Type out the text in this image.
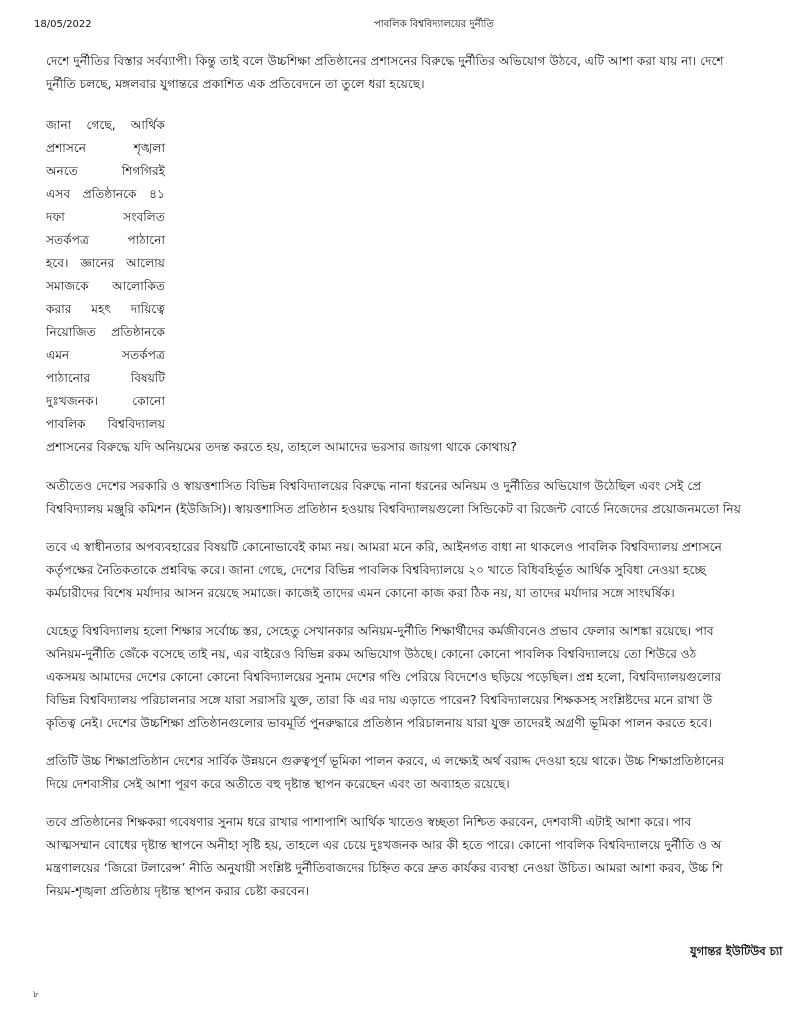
18/05/2022	পাবলিক বিশ্ববিদ্যালয়ের দুর্নীতি

দেশে দুর্নীতির বিস্তার সর্বব্যাপী। কিন্তু তাই বলে উচ্চশিক্ষা প্রতিষ্ঠানের প্রশাসনের বিরুদ্ধে দুর্নীতির অভিযোগ উঠবে, এটি আশা করা যায় না। দেশে
দুর্নীতি চলছে, মঙ্গলবার যুগান্তরে প্রকাশিত এক প্রতিবেদনে তা তুলে ধরা হয়েছে।

জানা গেছে, আর্থিক
প্রশাসনে	শৃঙ্খলা
অনতে	শিগগিরই
এসব প্রতিষ্ঠানকে ৪১
দফা	সংবলিত
সতর্কপত্র	পাঠানো
হবে। জ্ঞানের আলোয়
সমাজকে আলোকিত
করার মহৎ দায়িত্বে
নিয়োজিত প্রতিষ্ঠানকে
এমন	সতর্কপত্র
পাঠানোর	বিষয়টি
দুঃখজনক।	কোনো
পাবলিক বিশ্ববিদ্যালয়

প্রশাসনের বিরুদ্ধে যদি অনিয়মের তদন্ত করতে হয়, তাহলে আমাদের ভরসার জায়গা থাকে কোথায়?

অতীতেও দেশের সরকারি ও স্বায়ত্তশাসিত বিভিন্ন বিশ্ববিদ্যালয়ের বিরুদ্ধে নানা ধরনের অনিয়ম ও দুর্নীতির অভিযোগ উঠেছিল এবং সেই প্রে
বিশ্ববিদ্যালয় মঞ্জুরি কমিশন (ইউজিসি)। স্বায়ত্তশাসিত প্রতিষ্ঠান হওয়ায় বিশ্ববিদ্যালয়গুলো সিন্ডিকেট বা রিজেন্ট বোর্ডে নিজেদের প্রয়োজনমতো নিয়

তবে এ স্বাধীনতার অপব্যবহারের বিষয়টি কোনোভাবেই কাম্য নয়। আমরা মনে করি, আইনগত বাধা না থাকলেও পাবলিক বিশ্ববিদ্যালয় প্রশাসনে
কর্তৃপক্ষের নৈতিকতাকে প্রশ্নবিদ্ধ করে। জানা গেছে, দেশের বিভিন্ন পাবলিক বিশ্ববিদ্যালয়ে ২০ খাতে বিধিবহির্ভূত আর্থিক সুবিধা নেওয়া হচ্ছে
কর্মচারীদের বিশেষ মর্যাদার আসন রয়েছে সমাজে। কাজেই তাদের এমন কোনো কাজ করা ঠিক নয়, যা তাদের মর্যাদার সঙ্গে সাংঘর্ষিক।

যেহেতু বিশ্ববিদ্যালয় হলো শিক্ষার সর্বোচ্চ স্তর, সেহেতু সেখানকার অনিয়ম-দুর্নীতি শিক্ষার্থীদের কর্মজীবনেও প্রভাব ফেলার আশঙ্কা রয়েছে। পাব
অনিয়ম-দুর্নীতি জেঁকে বসেছে তাই নয়, এর বাইরেও বিভিন্ন রকম অভিযোগ উঠছে। কোনো কোনো পাবলিক বিশ্ববিদ্যালয়ে তো শিউরে ওঠ
একসময় আমাদের দেশের কোনো কোনো বিশ্ববিদ্যালয়ের সুনাম দেশের গণ্ডি পেরিয়ে বিদেশেও ছড়িয়ে পড়েছিল। প্রশ্ন হলো, বিশ্ববিদ্যালয়গুলোর
বিভিন্ন বিশ্ববিদ্যালয় পরিচালনার সঙ্গে যারা সরাসরি যুক্ত, তারা কি এর দায় এড়াতে পারেন? বিশ্ববিদ্যালয়ের শিক্ষকসহ সংশ্লিষ্টদের মনে রাখা উ
কৃতিত্ব নেই। দেশের উচ্চশিক্ষা প্রতিষ্ঠানগুলোর ভাবমূর্তি পুনরুদ্ধারে প্রতিষ্ঠান পরিচালনায় যারা যুক্ত তাদেরই অগ্রণী ভূমিকা পালন করতে হবে।

প্রতিটি উচ্চ শিক্ষাপ্রতিষ্ঠান দেশের সার্বিক উন্নয়নে গুরুত্বপূর্ণ ভূমিকা পালন করবে, এ লক্ষ্যেই অর্থ বরাদ্দ দেওয়া হয়ে থাকে। উচ্চ শিক্ষাপ্রতিষ্ঠানের
দিয়ে দেশবাসীর সেই আশা পূরণ করে অতীতে বহু দৃষ্টান্ত স্থাপন করেছেন এবং তা অব্যাহত রয়েছে।

তবে প্রতিষ্ঠানের শিক্ষকরা গবেষণার সুনাম ধরে রাখার পাশাপাশি আর্থিক খাতেও স্বচ্ছতা নিশ্চিত করবেন, দেশবাসী এটাই আশা করে। পাব
আত্মসম্মান বোধের দৃষ্টান্ত স্থাপনে অনীহা সৃষ্টি হয়, তাহলে এর চেয়ে দুঃখজনক আর কী হতে পারে। কোনো পাবলিক বিশ্ববিদ্যালয়ে দুর্নীতি ও অ
মন্ত্রণালয়ের ‘জিরো টলারেন্স’ নীতি অনুযায়ী সংশ্লিষ্ট দুর্নীতিবাজদের চিহ্নিত করে দ্রুত কার্যকর ব্যবস্থা নেওয়া উচিত। আমরা আশা করব, উচ্চ শি
নিয়ম-শৃঙ্খলা প্রতিষ্ঠায় দৃষ্টান্ত স্থাপন করার চেষ্টা করবেন।

যুগান্তর ইউটিউব চ্যা
৮
